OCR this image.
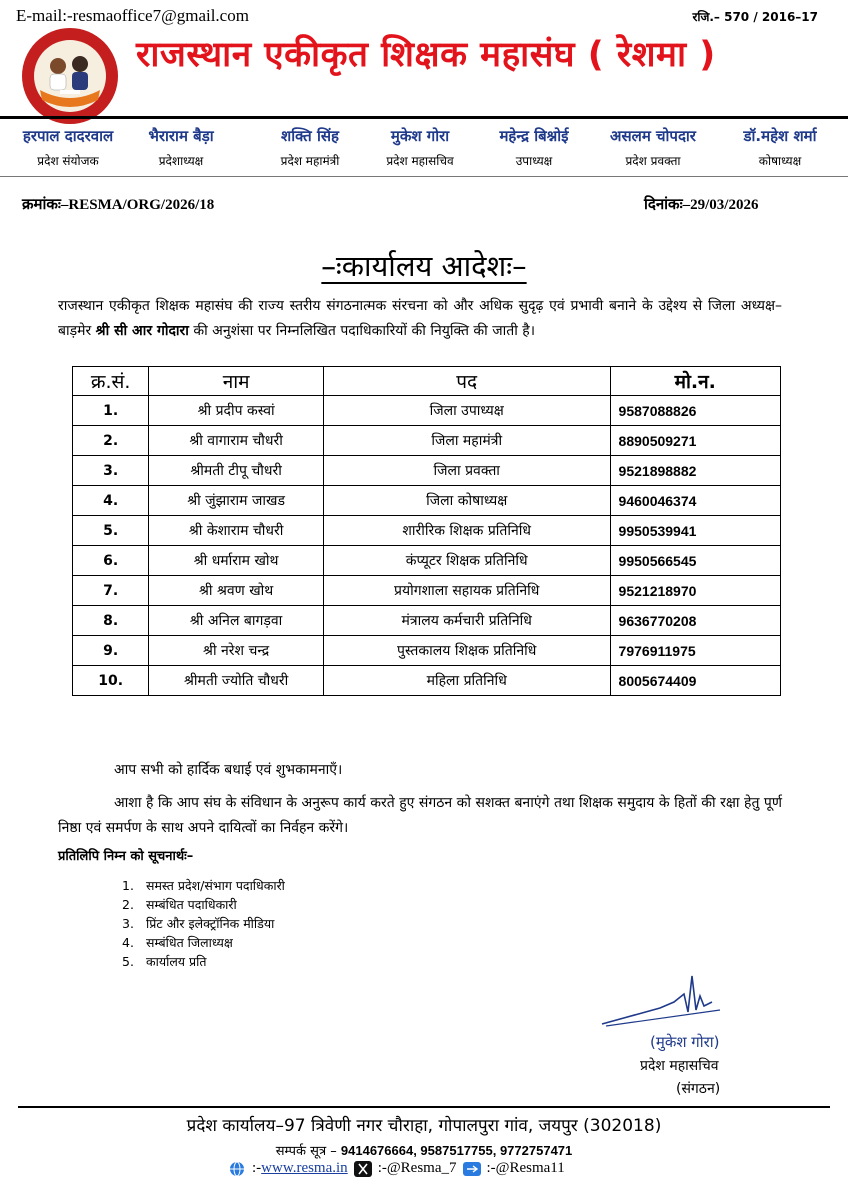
E-mail:-resmaoffice7@gmail.com	रजि.– 570 / 2016–17
राजस्थान एकीकृत शिक्षक महासंघ ( रेशमा )
हरपाल दादरवाल
प्रदेश संयोजक
भैराराम बैड़ा
प्रदेशाध्यक्ष
शक्ति सिंह
प्रदेश महामंत्री
मुकेश गोरा
प्रदेश महासचिव
महेन्द्र बिश्नोई
उपाध्यक्ष
असलम चोपदार
प्रदेश प्रवक्ता
डॉ.महेश शर्मा
कोषाध्यक्ष
क्रमांकः–RESMA/ORG/2026/18	दिनांकः–29/03/2026
–ःकार्यालय आदेशः–
राजस्थान एकीकृत शिक्षक महासंघ की राज्य स्तरीय संगठनात्मक संरचना को और अधिक सुदृढ़ एवं प्रभावी बनाने के उद्देश्य से जिला अध्यक्ष–बाड़मेर श्री सी आर गोदारा की अनुशंसा पर निम्नलिखित पदाधिकारियों की नियुक्ति की जाती है।
क्र.सं.	नाम	पद	मो.न.
1.	श्री प्रदीप कस्वां	जिला उपाध्यक्ष	9587088826
2.	श्री वागाराम चौधरी	जिला महामंत्री	8890509271
3.	श्रीमती टीपू चौधरी	जिला प्रवक्ता	9521898882
4.	श्री जुंझाराम जाखड	जिला कोषाध्यक्ष	9460046374
5.	श्री केशाराम चौधरी	शारीरिक शिक्षक प्रतिनिधि	9950539941
6.	श्री धर्माराम खोथ	कंप्यूटर शिक्षक प्रतिनिधि	9950566545
7.	श्री श्रवण खोथ	प्रयोगशाला सहायक प्रतिनिधि	9521218970
8.	श्री अनिल बागड़वा	मंत्रालय कर्मचारी प्रतिनिधि	9636770208
9.	श्री नरेश चन्द्र	पुस्तकालय शिक्षक प्रतिनिधि	7976911975
10.	श्रीमती ज्योति चौधरी	महिला प्रतिनिधि	8005674409
आप सभी को हार्दिक बधाई एवं शुभकामनाएँ।
आशा है कि आप संघ के संविधान के अनुरूप कार्य करते हुए संगठन को सशक्त बनाएंगे तथा शिक्षक समुदाय के हितों की रक्षा हेतु पूर्ण निष्ठा एवं समर्पण के साथ अपने दायित्वों का निर्वहन करेंगे।
प्रतिलिपि निम्न को सूचनार्थः–
1. समस्त प्रदेश/संभाग पदाधिकारी
2. सम्बंधित पदाधिकारी
3. प्रिंट और इलेक्ट्रॉनिक मीडिया
4. सम्बंधित जिलाध्यक्ष
5. कार्यालय प्रति
(मुकेश गोरा)
प्रदेश महासचिव
(संगठन)
प्रदेश कार्यालय–97 त्रिवेणी नगर चौराहा, गोपालपुरा गांव, जयपुर (302018)
सम्पर्क सूत्र – 9414676664, 9587517755, 9772757471
:-www.resma.in :-@Resma_7 :-@Resma11
